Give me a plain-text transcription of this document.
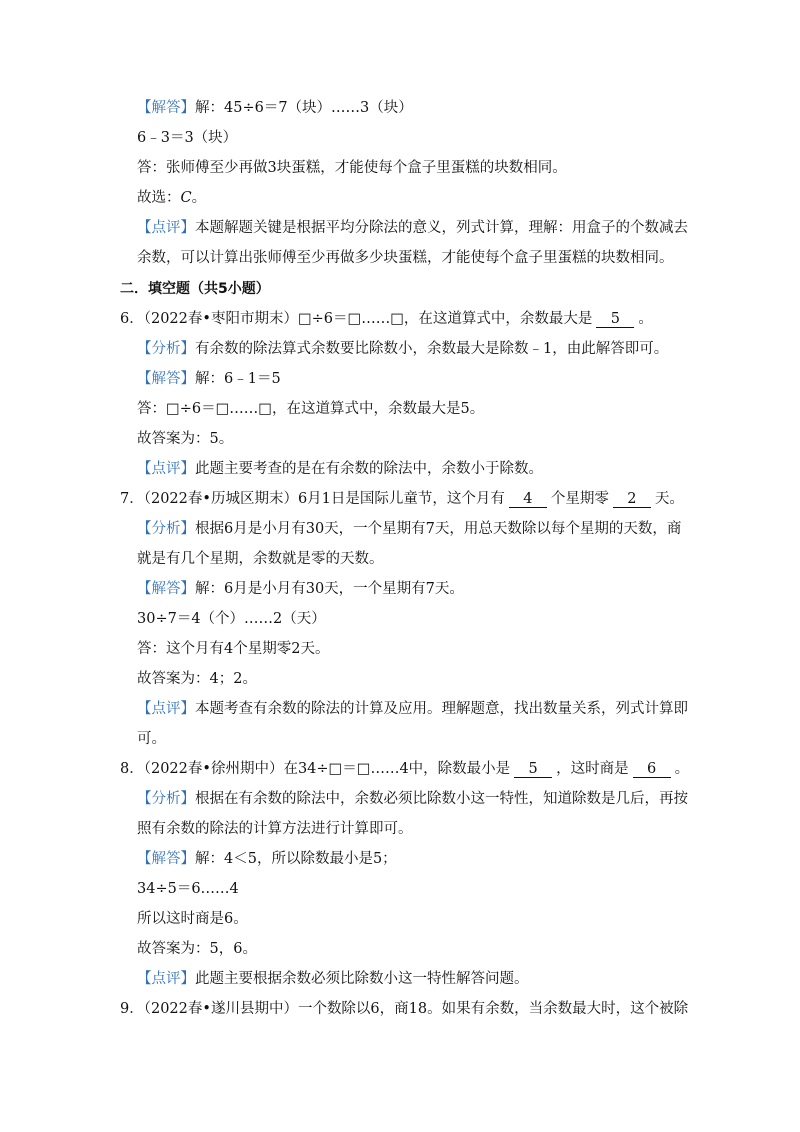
【解答】解：45÷6＝7（块）……3（块）
6﹣3＝3（块）
答：张师傅至少再做3块蛋糕，才能使每个盒子里蛋糕的块数相同。
故选：C。
【点评】本题解题关键是根据平均分除法的意义，列式计算，理解：用盒子的个数减去
余数，可以计算出张师傅至少再做多少块蛋糕，才能使每个盒子里蛋糕的块数相同。
二．填空题（共5小题）
6．（2022春•枣阳市期末）□÷6＝□……□，在这道算式中，余数最大是 5 。
【分析】有余数的除法算式余数要比除数小，余数最大是除数﹣1，由此解答即可。
【解答】解：6﹣1＝5
答：□÷6＝□……□，在这道算式中，余数最大是5。
故答案为：5。
【点评】此题主要考查的是在有余数的除法中，余数小于除数。
7．（2022春•历城区期末）6月1日是国际儿童节，这个月有 4 个星期零 2 天。
【分析】根据6月是小月有30天，一个星期有7天，用总天数除以每个星期的天数，商
就是有几个星期，余数就是零的天数。
【解答】解：6月是小月有30天，一个星期有7天。
30÷7＝4（个）……2（天）
答：这个月有4个星期零2天。
故答案为：4；2。
【点评】本题考查有余数的除法的计算及应用。理解题意，找出数量关系，列式计算即
可。
8．（2022春•徐州期中）在34÷□＝□……4中，除数最小是 5 ，这时商是 6 。
【分析】根据在有余数的除法中，余数必须比除数小这一特性，知道除数是几后，再按
照有余数的除法的计算方法进行计算即可。
【解答】解：4＜5，所以除数最小是5；
34÷5＝6……4
所以这时商是6。
故答案为：5，6。
【点评】此题主要根据余数必须比除数小这一特性解答问题。
9．（2022春•遂川县期中）一个数除以6，商18。如果有余数，当余数最大时，这个被除
